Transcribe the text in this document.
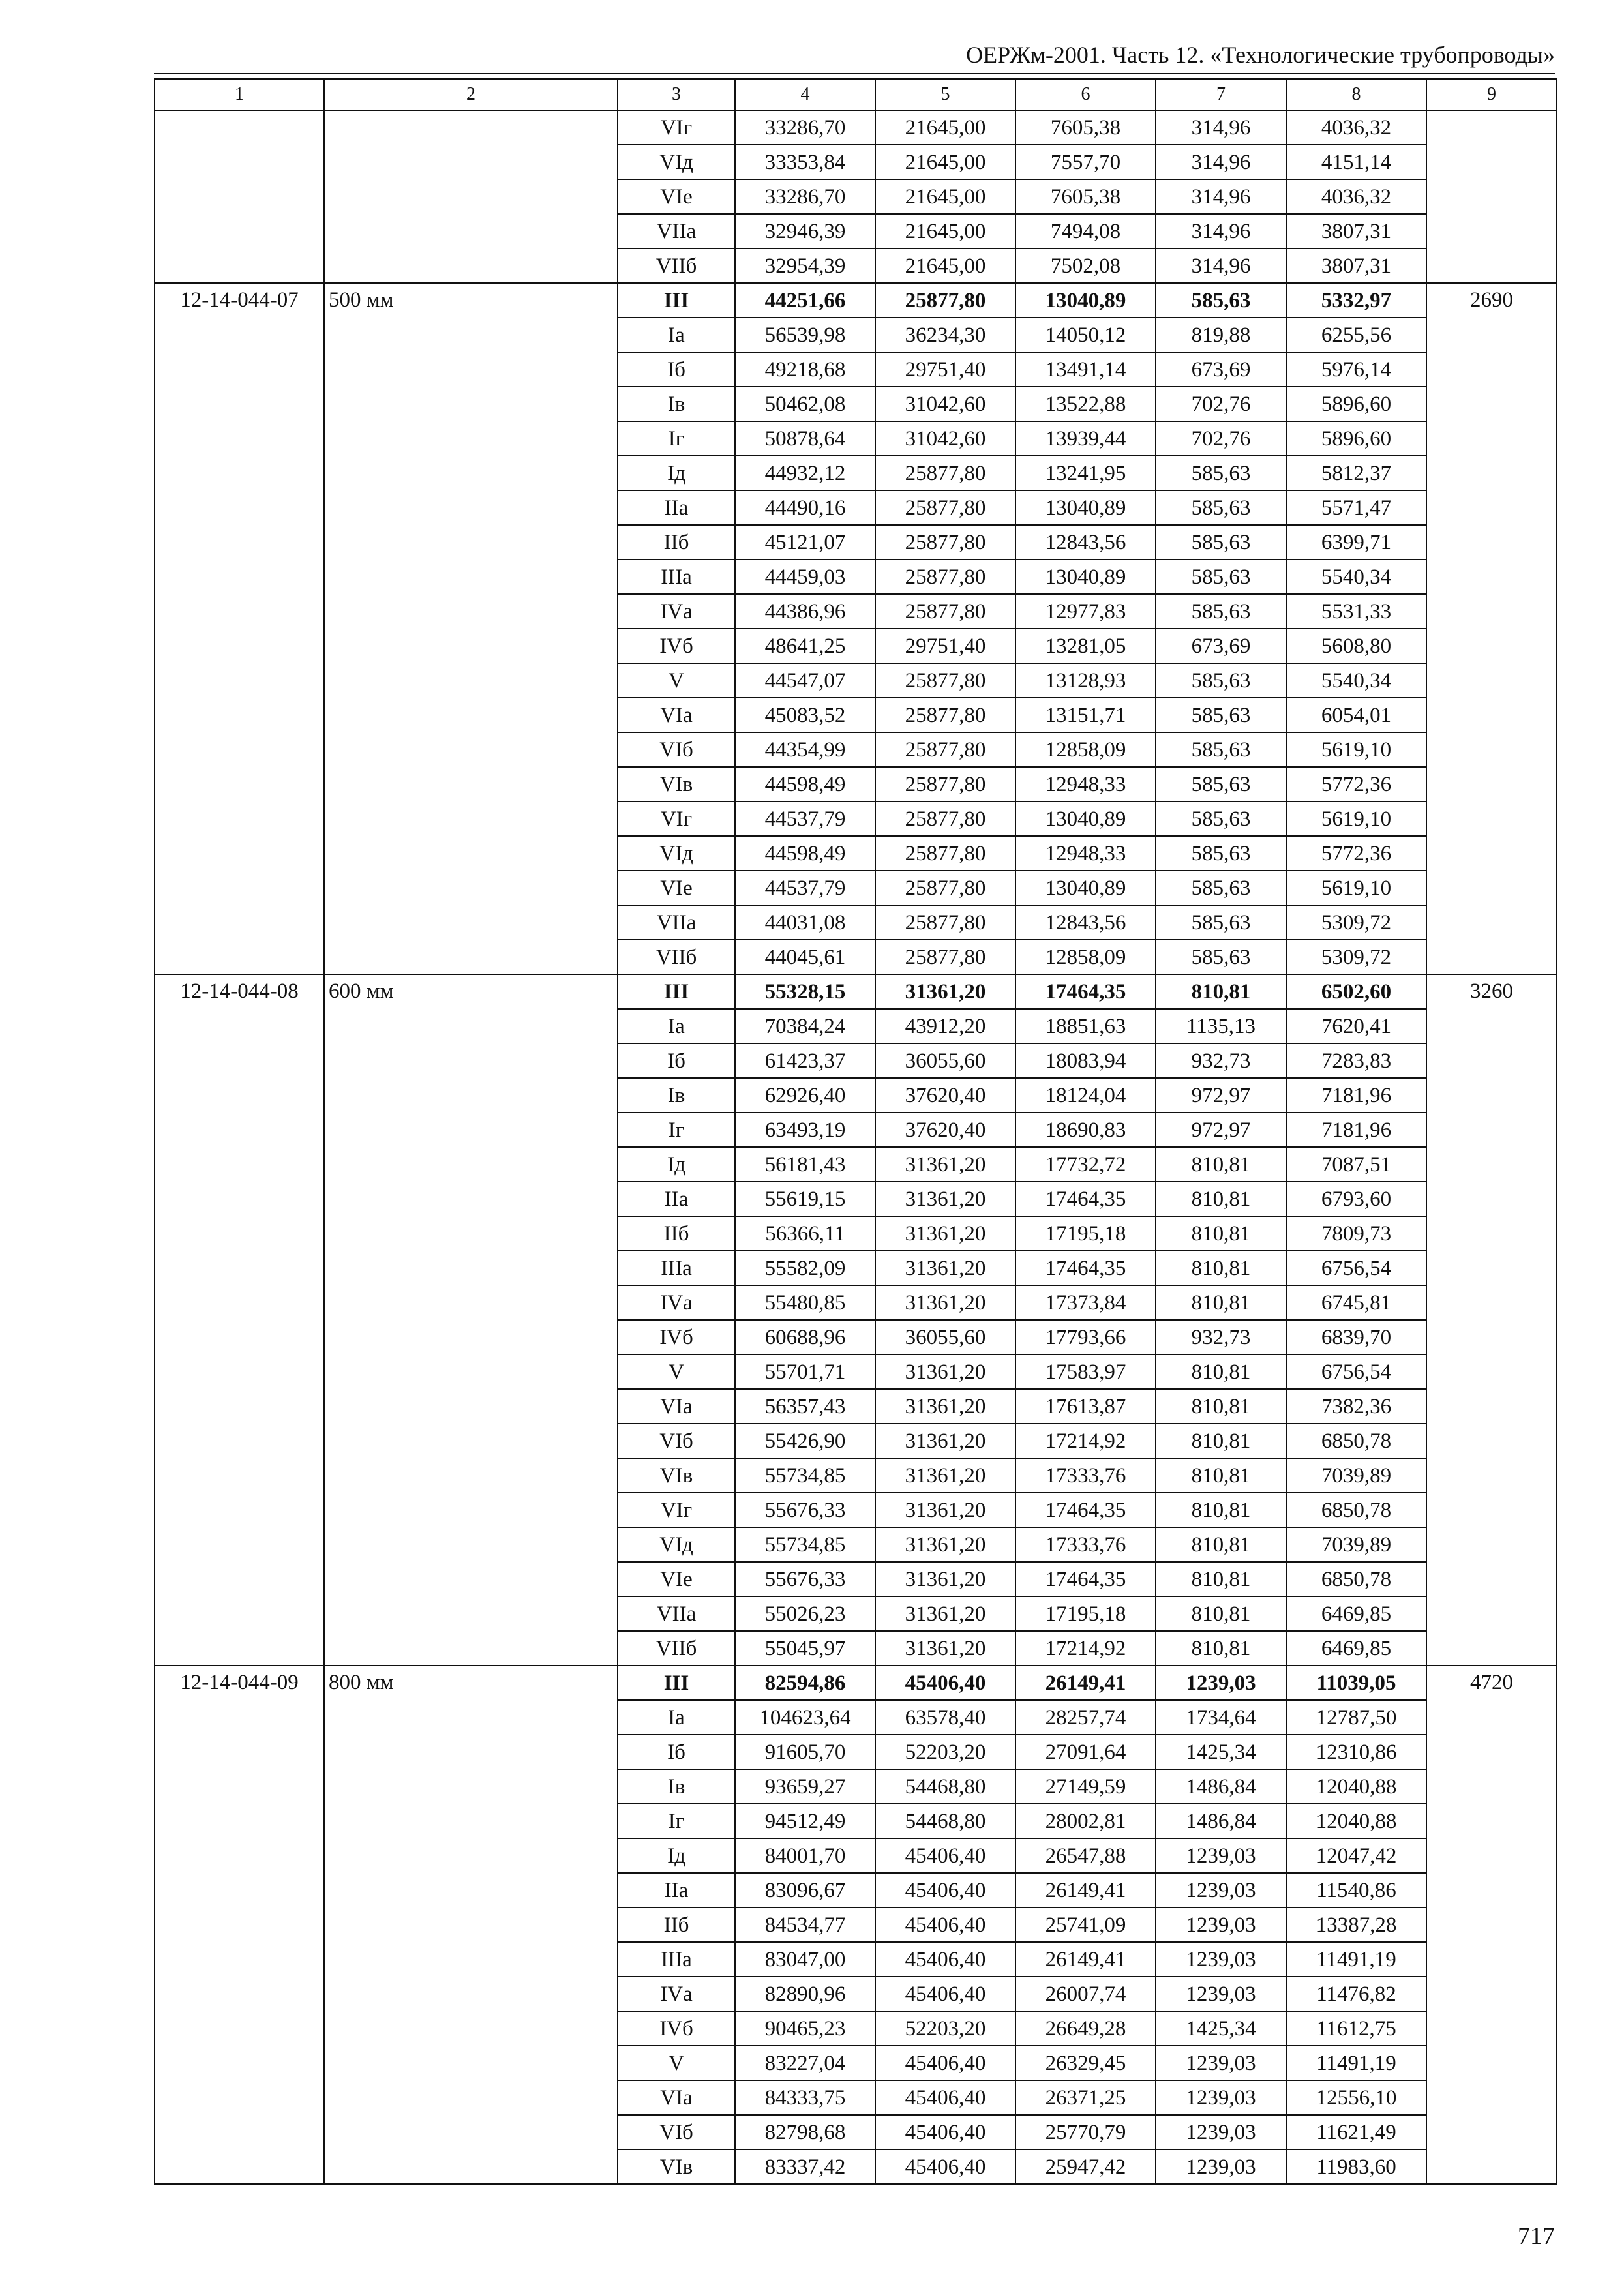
ОЕРЖм-2001. Часть 12. «Технологические трубопроводы»
1	2	3	4	5	6	7	8	9
		VIг	33286,70	21645,00	7605,38	314,96	4036,32	
		VIд	33353,84	21645,00	7557,70	314,96	4151,14	
		VIе	33286,70	21645,00	7605,38	314,96	4036,32	
		VIIа	32946,39	21645,00	7494,08	314,96	3807,31	
		VIIб	32954,39	21645,00	7502,08	314,96	3807,31	
12-14-044-07	500 мм	III	44251,66	25877,80	13040,89	585,63	5332,97	2690
		Iа	56539,98	36234,30	14050,12	819,88	6255,56	
		Iб	49218,68	29751,40	13491,14	673,69	5976,14	
		Iв	50462,08	31042,60	13522,88	702,76	5896,60	
		Iг	50878,64	31042,60	13939,44	702,76	5896,60	
		Iд	44932,12	25877,80	13241,95	585,63	5812,37	
		IIа	44490,16	25877,80	13040,89	585,63	5571,47	
		IIб	45121,07	25877,80	12843,56	585,63	6399,71	
		IIIа	44459,03	25877,80	13040,89	585,63	5540,34	
		IVа	44386,96	25877,80	12977,83	585,63	5531,33	
		IVб	48641,25	29751,40	13281,05	673,69	5608,80	
		V	44547,07	25877,80	13128,93	585,63	5540,34	
		VIа	45083,52	25877,80	13151,71	585,63	6054,01	
		VIб	44354,99	25877,80	12858,09	585,63	5619,10	
		VIв	44598,49	25877,80	12948,33	585,63	5772,36	
		VIг	44537,79	25877,80	13040,89	585,63	5619,10	
		VIд	44598,49	25877,80	12948,33	585,63	5772,36	
		VIе	44537,79	25877,80	13040,89	585,63	5619,10	
		VIIа	44031,08	25877,80	12843,56	585,63	5309,72	
		VIIб	44045,61	25877,80	12858,09	585,63	5309,72	
12-14-044-08	600 мм	III	55328,15	31361,20	17464,35	810,81	6502,60	3260
		Iа	70384,24	43912,20	18851,63	1135,13	7620,41	
		Iб	61423,37	36055,60	18083,94	932,73	7283,83	
		Iв	62926,40	37620,40	18124,04	972,97	7181,96	
		Iг	63493,19	37620,40	18690,83	972,97	7181,96	
		Iд	56181,43	31361,20	17732,72	810,81	7087,51	
		IIа	55619,15	31361,20	17464,35	810,81	6793,60	
		IIб	56366,11	31361,20	17195,18	810,81	7809,73	
		IIIа	55582,09	31361,20	17464,35	810,81	6756,54	
		IVа	55480,85	31361,20	17373,84	810,81	6745,81	
		IVб	60688,96	36055,60	17793,66	932,73	6839,70	
		V	55701,71	31361,20	17583,97	810,81	6756,54	
		VIа	56357,43	31361,20	17613,87	810,81	7382,36	
		VIб	55426,90	31361,20	17214,92	810,81	6850,78	
		VIв	55734,85	31361,20	17333,76	810,81	7039,89	
		VIг	55676,33	31361,20	17464,35	810,81	6850,78	
		VIд	55734,85	31361,20	17333,76	810,81	7039,89	
		VIе	55676,33	31361,20	17464,35	810,81	6850,78	
		VIIа	55026,23	31361,20	17195,18	810,81	6469,85	
		VIIб	55045,97	31361,20	17214,92	810,81	6469,85	
12-14-044-09	800 мм	III	82594,86	45406,40	26149,41	1239,03	11039,05	4720
		Iа	104623,64	63578,40	28257,74	1734,64	12787,50	
		Iб	91605,70	52203,20	27091,64	1425,34	12310,86	
		Iв	93659,27	54468,80	27149,59	1486,84	12040,88	
		Iг	94512,49	54468,80	28002,81	1486,84	12040,88	
		Iд	84001,70	45406,40	26547,88	1239,03	12047,42	
		IIа	83096,67	45406,40	26149,41	1239,03	11540,86	
		IIб	84534,77	45406,40	25741,09	1239,03	13387,28	
		IIIа	83047,00	45406,40	26149,41	1239,03	11491,19	
		IVа	82890,96	45406,40	26007,74	1239,03	11476,82	
		IVб	90465,23	52203,20	26649,28	1425,34	11612,75	
		V	83227,04	45406,40	26329,45	1239,03	11491,19	
		VIа	84333,75	45406,40	26371,25	1239,03	12556,10	
		VIб	82798,68	45406,40	25770,79	1239,03	11621,49	
		VIв	83337,42	45406,40	25947,42	1239,03	11983,60	
717
